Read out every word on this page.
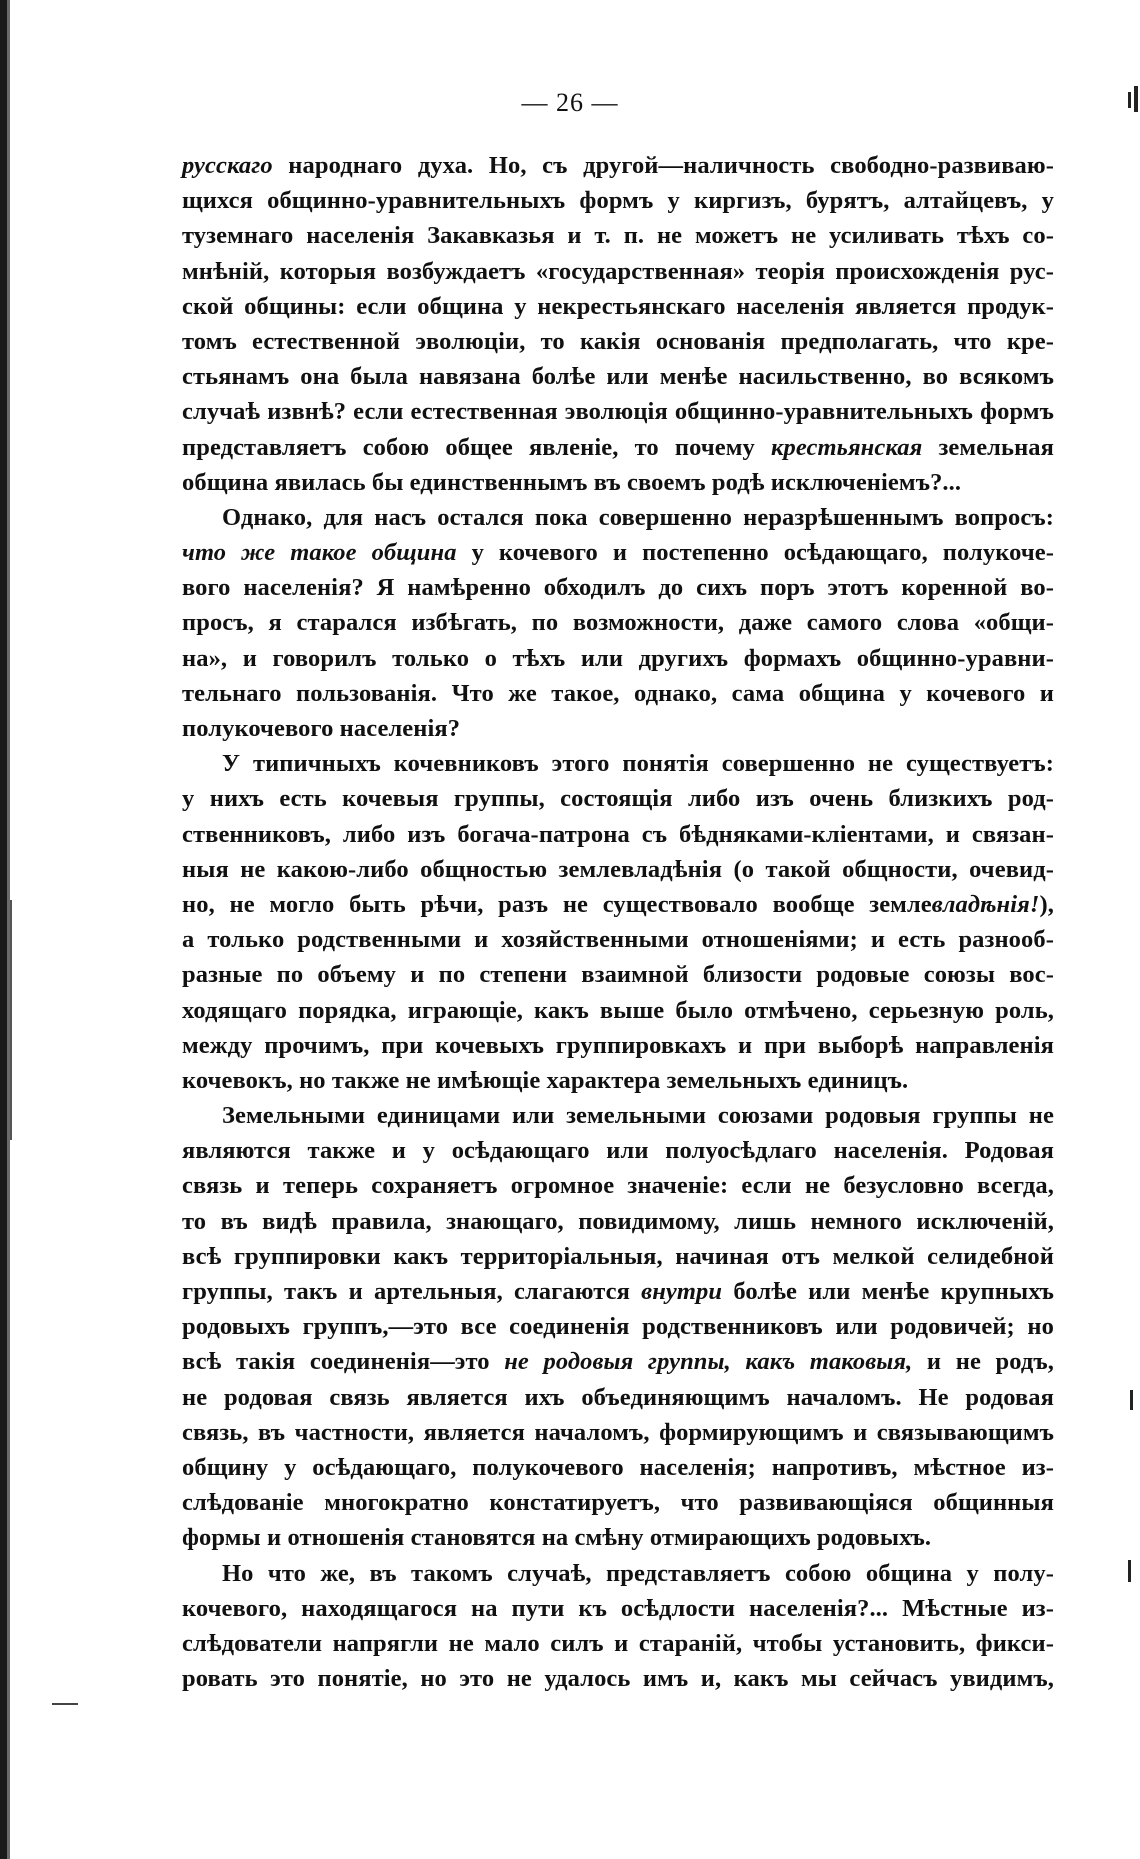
— 26 —
русскаго народнаго духа. Но, съ другой—наличность свободно-развиваю-
щихся общинно-уравнительныхъ формъ у киргизъ, бурятъ, алтайцевъ, у
туземнаго населенія Закавказья и т. п. не можетъ не усиливать тѣхъ со-
мнѣній, которыя возбуждаетъ «государственная» теорія происхожденія рус-
ской общины: если община у некрестьянскаго населенія является продук-
томъ естественной эволюціи, то какія основанія предполагать, что кре-
стьянамъ она была навязана болѣе или менѣе насильственно, во всякомъ
случаѣ извнѣ? если естественная эволюція общинно-уравнительныхъ формъ
представляетъ собою общее явленіе, то почему крестьянская земельная
община явилась бы единственнымъ въ своемъ родѣ исключеніемъ?...
Однако, для насъ остался пока совершенно неразрѣшеннымъ вопросъ:
что же такое община у кочевого и постепенно осѣдающаго, полукоче-
вого населенія? Я намѣренно обходилъ до сихъ поръ этотъ коренной во-
просъ, я старался избѣгать, по возможности, даже самого слова «общи-
на», и говорилъ только о тѣхъ или другихъ формахъ общинно-уравни-
тельнаго пользованія. Что же такое, однако, сама община у кочевого и
полукочевого населенія?
У типичныхъ кочевниковъ этого понятія совершенно не существуетъ:
у нихъ есть кочевыя группы, состоящія либо изъ очень близкихъ род-
ственниковъ, либо изъ богача-патрона съ бѣдняками-кліентами, и связан-
ныя не какою-либо общностью землевладѣнія (о такой общности, очевид-
но, не могло быть рѣчи, разъ не существовало вообще землевладѣнія!),
а только родственными и хозяйственными отношеніями; и есть разнооб-
разные по объему и по степени взаимной близости родовые союзы вос-
ходящаго порядка, играющіе, какъ выше было отмѣчено, серьезную роль,
между прочимъ, при кочевыхъ группировкахъ и при выборѣ направленія
кочевокъ, но также не имѣющіе характера земельныхъ единицъ.
Земельными единицами или земельными союзами родовыя группы не
являются также и у осѣдающаго или полуосѣдлаго населенія. Родовая
связь и теперь сохраняетъ огромное значеніе: если не безусловно всегда,
то въ видѣ правила, знающаго, повидимому, лишь немного исключеній,
всѣ группировки какъ территоріальныя, начиная отъ мелкой селидебной
группы, такъ и артельныя, слагаются внутри болѣе или менѣе крупныхъ
родовыхъ группъ,—это все соединенія родственниковъ или родовичей; но
всѣ такія соединенія—это не родовыя группы, какъ таковыя, и не родъ,
не родовая связь является ихъ объединяющимъ началомъ. Не родовая
связь, въ частности, является началомъ, формирующимъ и связывающимъ
общину у осѣдающаго, полукочевого населенія; напротивъ, мѣстное из-
слѣдованіе многократно констатируетъ, что развивающіяся общинныя
формы и отношенія становятся на смѣну отмирающихъ родовыхъ.
Но что же, въ такомъ случаѣ, представляетъ собою община у полу-
кочевого, находящагося на пути къ осѣдлости населенія?... Мѣстные из-
слѣдователи напрягли не мало силъ и стараній, чтобы установить, фикси-
ровать это понятіе, но это не удалось имъ и, какъ мы сейчасъ увидимъ,
